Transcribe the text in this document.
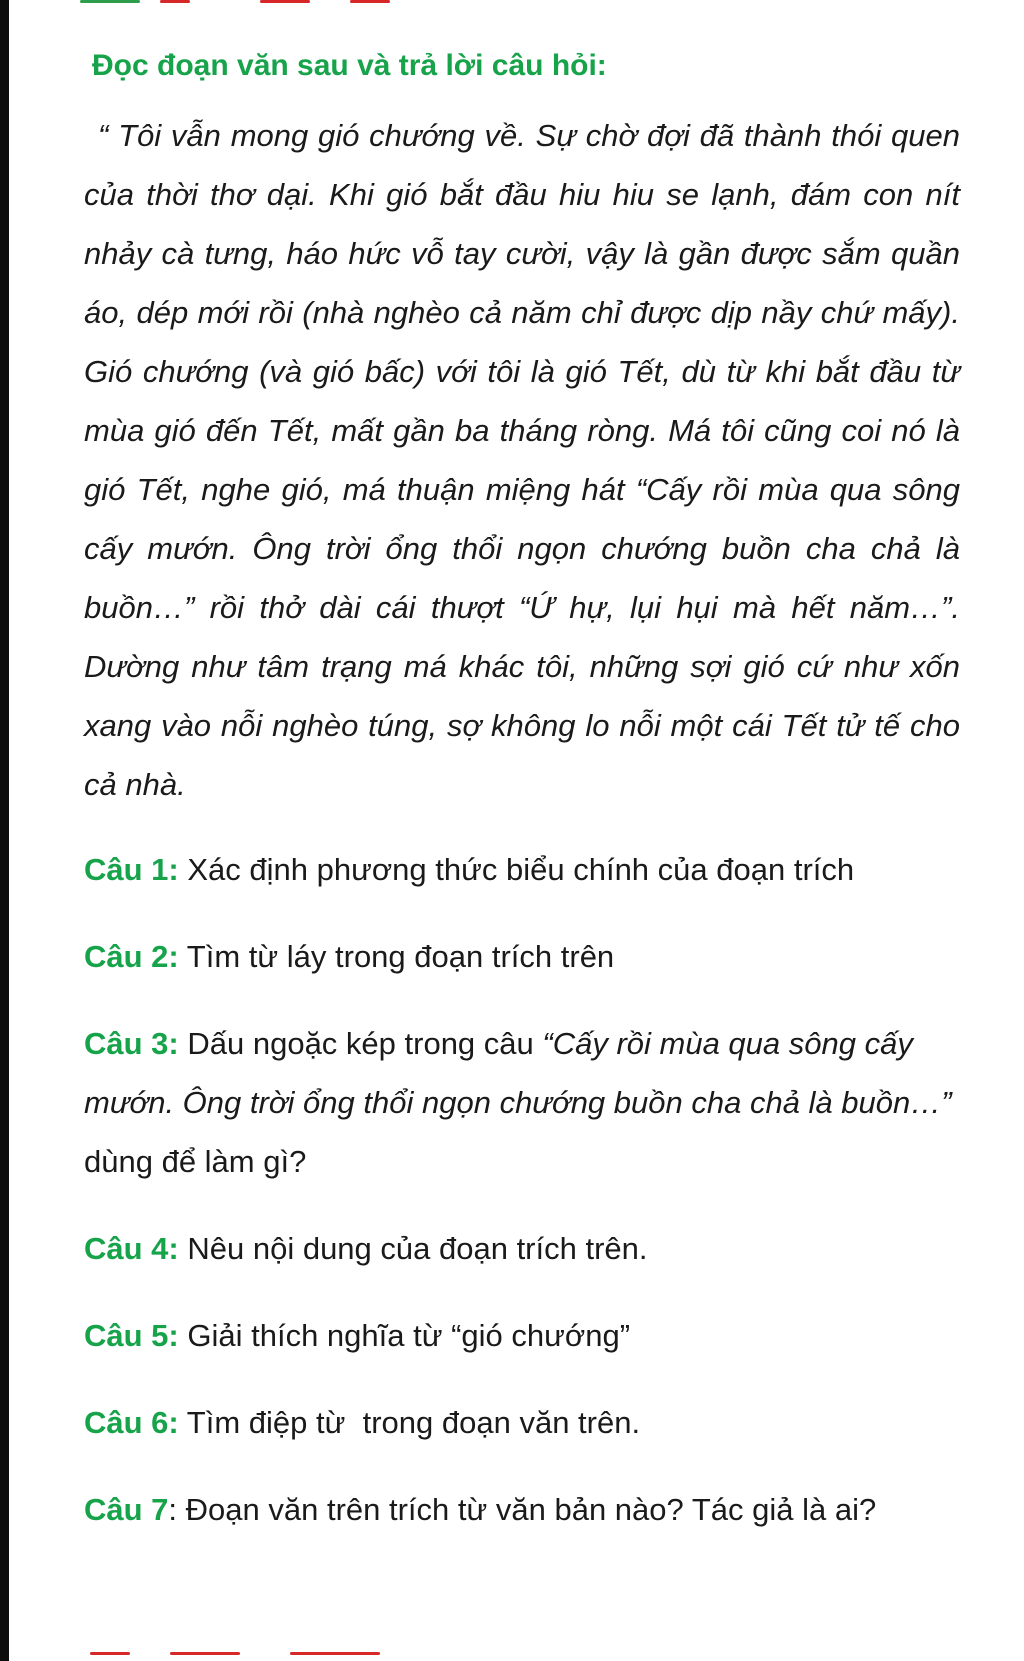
Đọc đoạn văn sau và trả lời câu hỏi:

“ Tôi vẫn mong gió chướng về. Sự chờ đợi đã thành thói quen của thời thơ dại. Khi gió bắt đầu hiu hiu se lạnh, đám con nít nhảy cà tưng, háo hức vỗ tay cười, vậy là gần được sắm quần áo, dép mới rồi (nhà nghèo cả năm chỉ được dịp nầy chứ mấy). Gió chướng (và gió bấc) với tôi là gió Tết, dù từ khi bắt đầu từ mùa gió đến Tết, mất gần ba tháng ròng. Má tôi cũng coi nó là gió Tết, nghe gió, má thuận miệng hát “Cấy rồi mùa qua sông cấy mướn. Ông trời ổng thổi ngọn chướng buồn cha chả là buồn…” rồi thở dài cái thượt “Ứ hự, lụi hụi mà hết năm…”. Dường như tâm trạng má khác tôi, những sợi gió cứ như xốn xang vào nỗi nghèo túng, sợ không lo nỗi một cái Tết tử tế cho cả nhà.

Câu 1: Xác định phương thức biểu chính của đoạn trích

Câu 2: Tìm từ láy trong đoạn trích trên

Câu 3: Dấu ngoặc kép trong câu “Cấy rồi mùa qua sông cấy mướn. Ông trời ổng thổi ngọn chướng buồn cha chả là buồn…” dùng để làm gì?

Câu 4: Nêu nội dung của đoạn trích trên.

Câu 5: Giải thích nghĩa từ “gió chướng”

Câu 6: Tìm điệp từ  trong đoạn văn trên.

Câu 7: Đoạn văn trên trích từ văn bản nào? Tác giả là ai?
